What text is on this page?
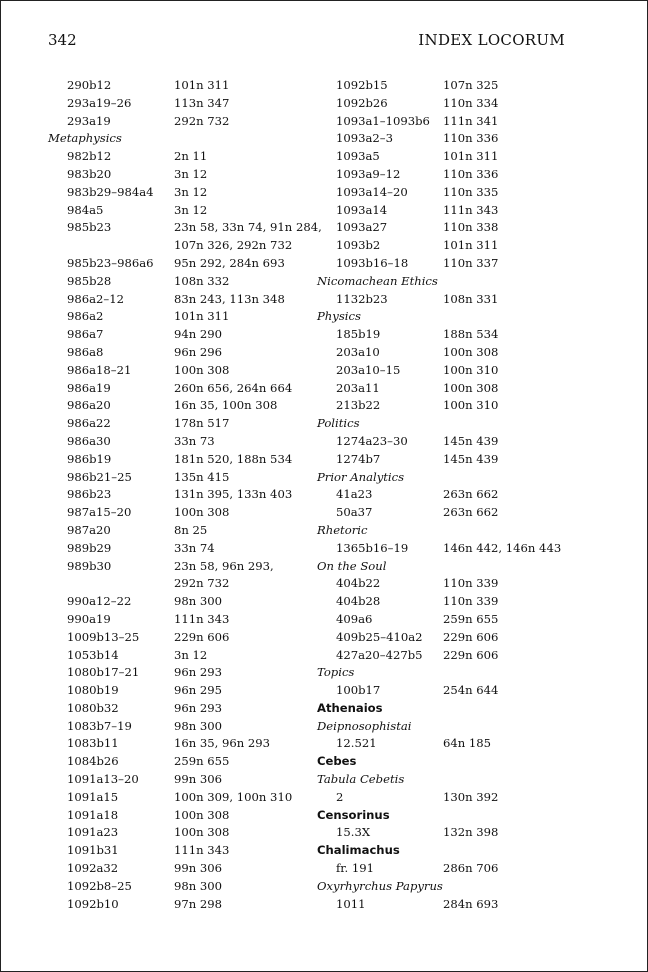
342	INDEX LOCORUM
290b12	101n 311
293a19–26	113n 347
293a19	292n 732
Metaphysics
982b12	2n 11
983b20	3n 12
983b29–984a4 3n 12
984a5	3n 12
985b23	23n 58, 33n 74, 91n 284,
107n 326, 292n 732
985b23–986a6 95n 292, 284n 693
985b28	108n 332
986a2–12	83n 243, 113n 348
986a2	101n 311
986a7	94n 290
986a8	96n 296
986a18–21	100n 308
986a19	260n 656, 264n 664
986a20	16n 35, 100n 308
986a22	178n 517
986a30	33n 73
986b19	181n 520, 188n 534
986b21–25	135n 415
986b23	131n 395, 133n 403
987a15–20	100n 308
987a20	8n 25
989b29	33n 74
989b30	23n 58, 96n 293,
292n 732
990a12–22	98n 300
990a19	111n 343
1009b13–25	229n 606
1053b14	3n 12
1080b17–21	96n 293
1080b19	96n 295
1080b32	96n 293
1083b7–19	98n 300
1083b11	16n 35, 96n 293
1084b26	259n 655
1091a13–20	99n 306
1091a15	100n 309, 100n 310
1091a18	100n 308
1091a23	100n 308
1091b31	111n 343
1092a32	99n 306
1092b8–25	98n 300
1092b10	97n 298
1092b15	107n 325
1092b26	110n 334
1093a1–1093b6 111n 341
1093a2–3	110n 336
1093a5	101n 311
1093a9–12	110n 336
1093a14–20	110n 335
1093a14	111n 343
1093a27	110n 338
1093b2	101n 311
1093b16–18	110n 337
Nicomachean Ethics
1132b23	108n 331
Physics
185b19	188n 534
203a10	100n 308
203a10–15	100n 310
203a11	100n 308
213b22	100n 310
Politics
1274a23–30	145n 439
1274b7	145n 439
Prior Analytics
41a23	263n 662
50a37	263n 662
Rhetoric
1365b16–19	146n 442, 146n 443
On the Soul
404b22	110n 339
404b28	110n 339
409a6	259n 655
409b25–410a2 229n 606
427a20–427b5 229n 606
Topics
100b17	254n 644
Athenaios
Deipnosophistai
12.521	64n 185
Cebes
Tabula Cebetis
2	130n 392
Censorinus
15.3X	132n 398
Chalimachus
fr. 191	286n 706
Oxyrhyrchus Papyrus
1011	284n 693
